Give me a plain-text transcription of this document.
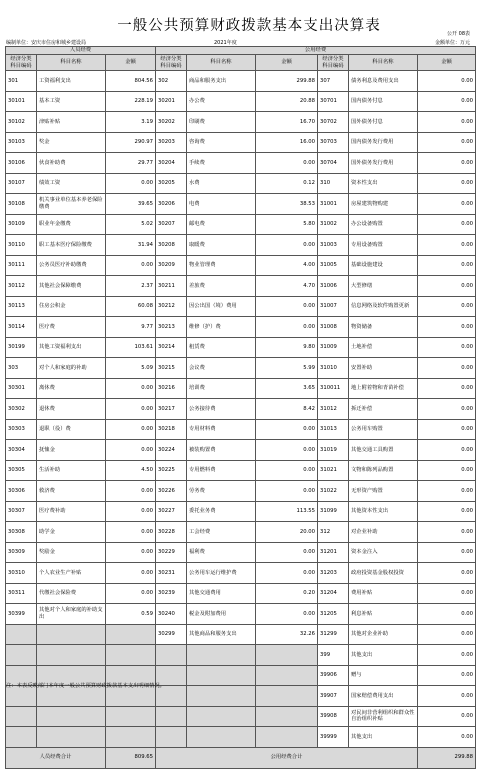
一般公共预算财政拨款基本支出决算表	公开 08表
编制单位：安庆市住房和城乡建设局	2021年度	金额单位：万元
人员经费			公用经费					
经济分类科目编码	科目名称	金额	经济分类科目编码	科目名称	金额	经济分类科目编码	科目名称	金额
301	工资福利支出	804.56	302	商品和服务支出	299.88	307	债务利息及费用支出	0.00
30101	基本工资	228.19	30201	办公费	20.88	30701	国内债务付息	0.00
30102	津贴补贴	3.19	30202	印刷费	16.70	30702	国外债务付息	0.00
30103	奖金	290.97	30203	咨询费	16.00	30703	国内债务发行费用	0.00
30106	伙食补助费	29.77	30204	手续费	0.00	30704	国外债务发行费用	0.00
30107	绩效工资	0.00	30205	水费	0.12	310	资本性支出	0.00
30108	机关事业单位基本养老保险缴费	39.65	30206	电费	38.53	31001	房屋建筑物购建	0.00
30109	职业年金缴费	5.02	30207	邮电费	5.80	31002	办公设备购置	0.00
30110	职工基本医疗保险缴费	31.94	30208	取暖费	0.00	31003	专用设备购置	0.00
30111	公务员医疗补助缴费	0.00	30209	物业管理费	4.00	31005	基础设施建设	0.00
30112	其他社会保障缴费	2.37	30211	差旅费	4.70	31006	大型修缮	0.00
30113	住房公积金	60.08	30212	因公出国（境）费用	0.00	31007	信息网络及软件购置更新	0.00
30114	医疗费	9.77	30213	维修（护）费	0.00	31008	物资储备	0.00
30199	其他工资福利支出	103.61	30214	租赁费	9.80	31009	土地补偿	0.00
303	对个人和家庭的补助	5.09	30215	会议费	5.99	31010	安置补助	0.00
30301	离休费	0.00	30216	培训费	3.65	310011	地上附着物和青苗补偿	0.00
30302	退休费	0.00	30217	公务接待费	8.42	31012	拆迁补偿	0.00
30303	退职（役）费	0.00	30218	专用材料费	0.00	31013	公务用车购置	0.00
30304	抚恤金	0.00	30224	被装购置费	0.00	31019	其他交通工具购置	0.00
30305	生活补助	4.50	30225	专用燃料费	0.00	31021	文物和陈列品购置	0.00
30306	救济费	0.00	30226	劳务费	0.00	31022	无形资产购置	0.00
30307	医疗费补助	0.00	30227	委托业务费	113.55	31099	其他资本性支出	0.00
30308	助学金	0.00	30228	工会经费	20.00	312	对企业补助	0.00
30309	奖励金	0.00	30229	福利费	0.00	31201	资本金注入	0.00
30310	个人农业生产补贴	0.00	30231	公务用车运行维护费	0.00	31203	政府投资基金股权投资	0.00
30311	代缴社会保险费	0.00	30239	其他交通费用	0.20	31204	费用补贴	0.00
30399	其他对个人和家庭的补助支出	0.59	30240	税金及附加费用	0.00	31205	利息补贴	0.00
			30299	其他商品和服务支出	32.26	31299	其他对企业补助	0.00
						399	其他支出	0.00
						39906	赠与	0.00
						39907	国家赔偿费用支出	0.00
						39908	对民间非营利组织和群众性自治组织补贴	0.00
						39999	其他支出	0.00
人员经费合计		809.65	公用经费合计					299.88
注：本表反映部门本年度一般公共预算财政拨款基本支出明细情况。
